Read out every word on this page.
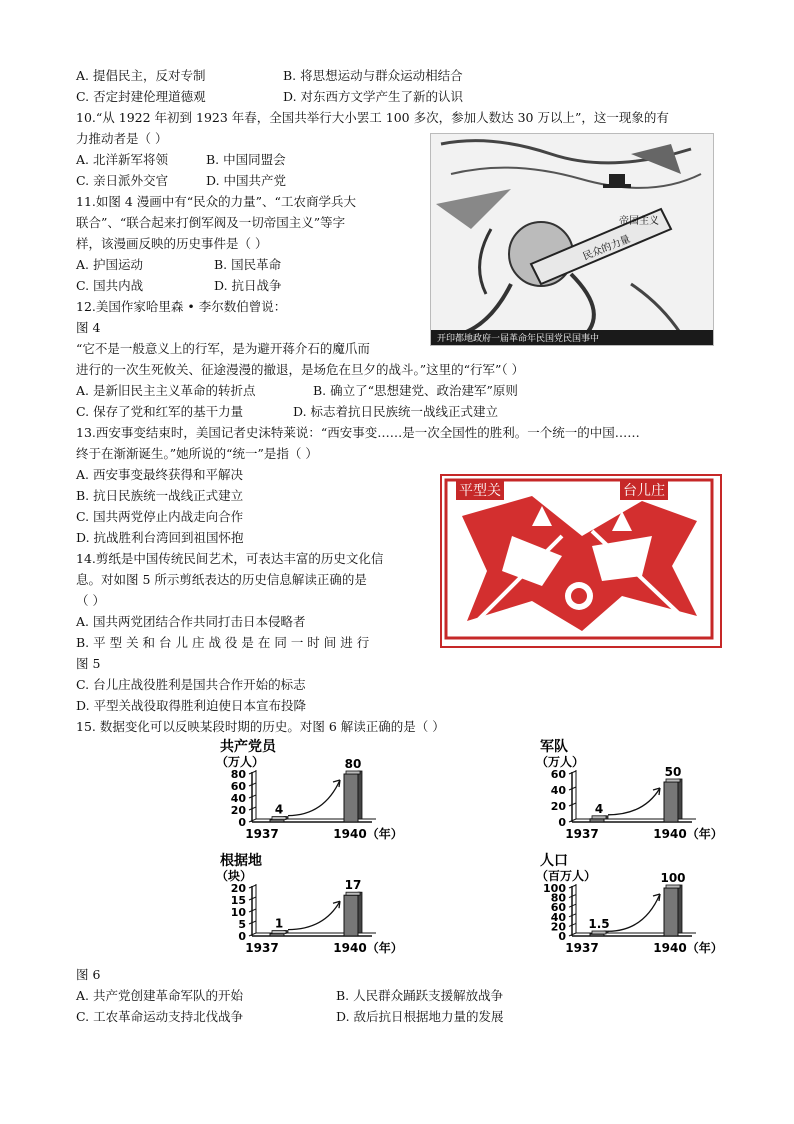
A. 提倡民主，反对专制	B. 将思想运动与群众运动相结合
C. 否定封建伦理道德观	D. 对东西方文学产生了新的认识
10.“从 1922 年初到 1923 年春，全国共举行大小罢工 100 多次，参加人数达 30 万以上”，这一现象的有
力推动者是（ ）
A. 北洋新军将领	B. 中国同盟会
C. 亲日派外交官	D. 中国共产党
11.如图 4 漫画中有“民众的力量”、“工农商学兵大
联合”、“联合起来打倒军阀及一切帝国主义”等字
样，该漫画反映的历史事件是（ ）
A. 护国运动	B. 国民革命
C. 国共内战	D. 抗日战争
帝国主义
民众的力量
开印都地政府一届革命年民国党民国事中
12.美国作家哈里森 • 李尔数伯曾说：
图 4
“它不是一般意义上的行军，是为避开蒋介石的魔爪而
进行的一次生死攸关、征途漫漫的撤退，是场危在旦夕的战斗。”这里的“行军”（ ）
A. 是新旧民主主义革命的转折点	B. 确立了“思想建党、政治建军”原则
C. 保存了党和红军的基干力量	D. 标志着抗日民族统一战线正式建立
13.西安事变结束时，美国记者史沫特莱说：“西安事变……是一次全国性的胜利。一个统一的中国……
终于在渐渐诞生。”她所说的“统一”是指（ ）
A. 西安事变最终获得和平解决
B. 抗日民族统一战线正式建立
C. 国共两党停止内战走向合作
D. 抗战胜利台湾回到祖国怀抱
平型关	台儿庄
14.剪纸是中国传统民间艺术，可表达丰富的历史文化信
息。对如图 5 所示剪纸表达的历史信息解读正确的是
（ ）
A. 国共两党团结合作共同打击日本侵略者
B. 平 型 关 和 台 儿 庄 战 役 是 在 同 一 时 间 进 行
图 5
C. 台儿庄战役胜利是国共合作开始的标志
D. 平型关战役取得胜利迫使日本宣布投降
15. 数据变化可以反映某段时期的历史。对图 6 解读正确的是（ ）
共产党员
（万人）
0
20
40
60
80
4
80
1937	1940（年）
军队
（万人）
0
20
40
60
4
50
1937	1940（年）
根据地
（块）
0
5
10
15
20
1
17
1937	1940（年）
人口
（百万人）
0
20
40
60
80
100
1.5
100
1937	1940（年）
图 6
A. 共产党创建革命军队的开始	B. 人民群众踊跃支援解放战争
C. 工农革命运动支持北伐战争	D. 敌后抗日根据地力量的发展
